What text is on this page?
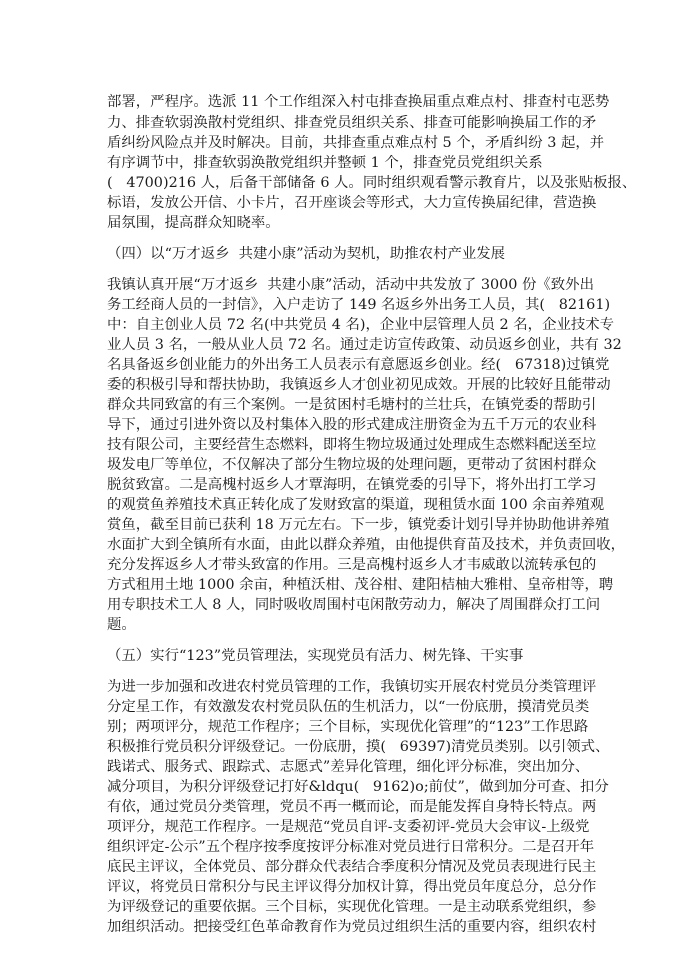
部署，严程序。选派 11 个工作组深入村屯排查换届重点难点村、排查村屯恶势
力、排查软弱涣散村党组织、排查党员组织关系、排查可能影响换届工作的矛
盾纠纷风险点并及时解决。目前，共排查重点难点村 5 个，矛盾纠纷 3 起，并
有序调节中，排查软弱涣散党组织并整顿 1 个，排查党员党组织关系
(   4700)216 人，后备干部储备 6 人。同时组织观看警示教育片，以及张贴板报、
标语，发放公开信、小卡片，召开座谈会等形式，大力宣传换届纪律，营造换
届氛围，提高群众知晓率。
（四）以“万才返乡  共建小康”活动为契机，助推农村产业发展
我镇认真开展“万才返乡  共建小康”活动，活动中共发放了 3000 份《致外出
务工经商人员的一封信》，入户走访了 149 名返乡外出务工人员，其(   82161)
中：自主创业人员 72 名(中共党员 4 名)，企业中层管理人员 2 名，企业技术专
业人员 3 名，一般从业人员 72 名。通过走访宣传政策、动员返乡创业，共有 32
名具备返乡创业能力的外出务工人员表示有意愿返乡创业。经(   67318)过镇党
委的积极引导和帮扶协助，我镇返乡人才创业初见成效。开展的比较好且能带动
群众共同致富的有三个案例。一是贫困村毛塘村的兰壮兵，在镇党委的帮助引
导下，通过引进外资以及村集体入股的形式建成注册资金为五千万元的农业科
技有限公司，主要经营生态燃料，即将生物垃圾通过处理成生态燃料配送至垃
圾发电厂等单位，不仅解决了部分生物垃圾的处理问题，更带动了贫困村群众
脱贫致富。二是高槐村返乡人才覃海明，在镇党委的引导下，将外出打工学习
的观赏鱼养殖技术真正转化成了发财致富的渠道，现租赁水面 100 余亩养殖观
赏鱼，截至目前已获利 18 万元左右。下一步，镇党委计划引导并协助他讲养殖
水面扩大到全镇所有水面，由此以群众养殖，由他提供育苗及技术，并负责回收，
充分发挥返乡人才带头致富的作用。三是高槐村返乡人才韦威敢以流转承包的
方式租用土地 1000 余亩，种植沃柑、茂谷柑、建阳桔柚大雅柑、皇帝柑等，聘
用专职技术工人 8 人，同时吸收周围村屯闲散劳动力，解决了周围群众打工问
题。
（五）实行“123”党员管理法，实现党员有活力、树先锋、干实事
为进一步加强和改进农村党员管理的工作，我镇切实开展农村党员分类管理评
分定星工作，有效激发农村党员队伍的生机活力，以“一份底册，摸清党员类
别；两项评分，规范工作程序；三个目标，实现优化管理”的“123”工作思路
积极推行党员积分评级登记。一份底册，摸(   69397)清党员类别。以引领式、
践诺式、服务式、跟踪式、志愿式”差异化管理，细化评分标准，突出加分、
减分项目，为积分评级登记打好&ldqu(   9162)o;前仗”，做到加分可查、扣分
有依，通过党员分类管理，党员不再一概而论，而是能发挥自身特长特点。两
项评分，规范工作程序。一是规范“党员自评-支委初评-党员大会审议-上级党
组织评定-公示”五个程序按季度按评分标准对党员进行日常积分。二是召开年
底民主评议，全体党员、部分群众代表结合季度积分情况及党员表现进行民主
评议，将党员日常积分与民主评议得分加权计算，得出党员年度总分，总分作
为评级登记的重要依据。三个目标，实现优化管理。一是主动联系党组织，参
加组织活动。把接受红色革命教育作为党员过组织生活的重要内容，组织农村
